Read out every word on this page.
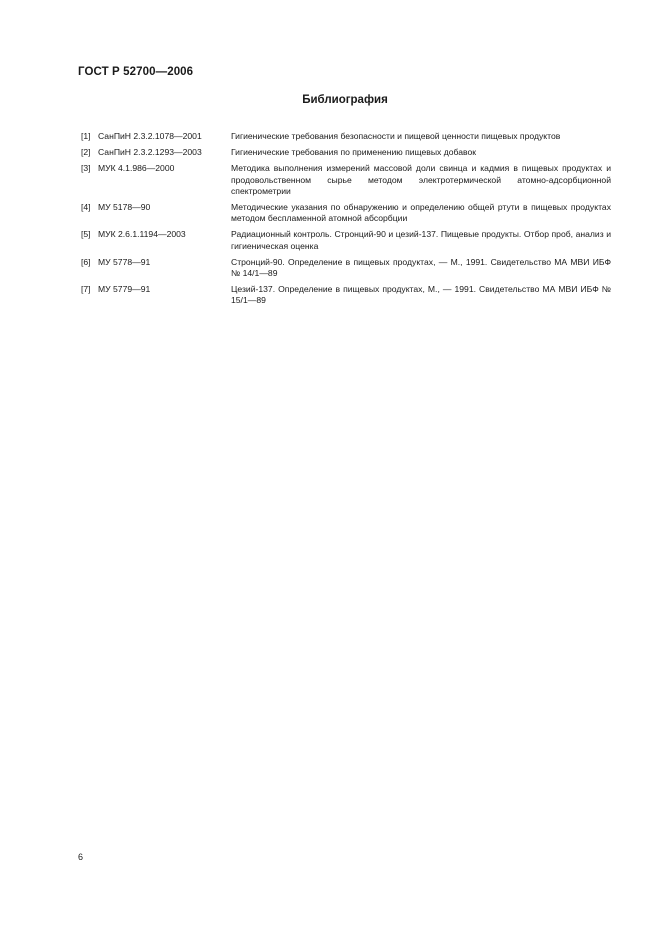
ГОСТ Р 52700—2006
Библиография
[1] СанПиН 2.3.2.1078—2001	Гигиенические требования безопасности и пищевой ценности пищевых продуктов
[2] СанПиН 2.3.2.1293—2003	Гигиенические требования по применению пищевых добавок
[3] МУК 4.1.986—2000	Методика выполнения измерений массовой доли свинца и кадмия в пищевых продуктах и продовольственном сырье методом электротермической атомно-адсорбционной спектрометрии
[4] МУ 5178—90	Методические указания по обнаружению и определению общей ртути в пищевых продуктах методом беспламенной атомной абсорбции
[5] МУК 2.6.1.1194—2003	Радиационный контроль. Стронций-90 и цезий-137. Пищевые продукты. Отбор проб, анализ и гигиеническая оценка
[6] МУ 5778—91	Стронций-90. Определение в пищевых продуктах, — М., 1991. Свидетельство МА МВИ ИБФ № 14/1—89
[7] МУ 5779—91	Цезий-137. Определение в пищевых продуктах, М., — 1991. Свидетельство МА МВИ ИБФ № 15/1—89
6
